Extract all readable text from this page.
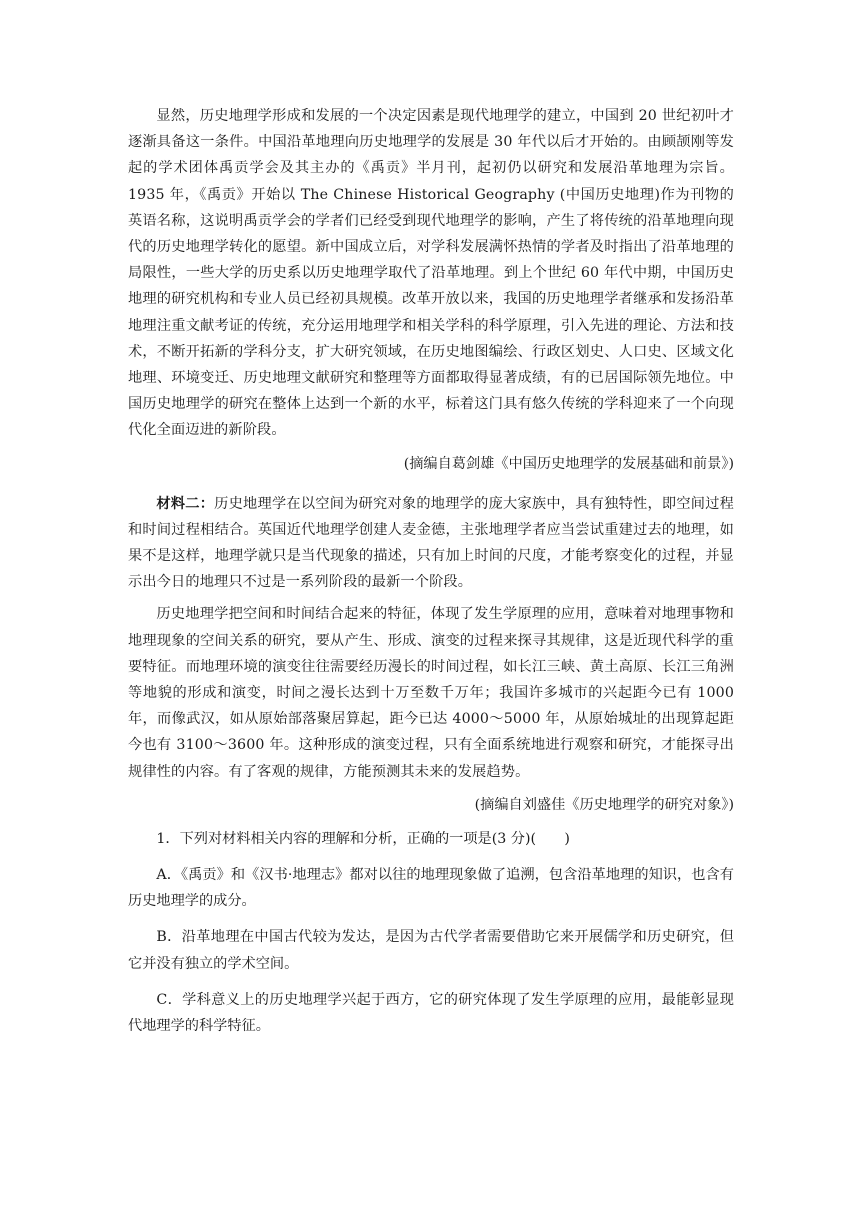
显然，历史地理学形成和发展的一个决定因素是现代地理学的建立，中国到 20 世纪初叶才逐渐具备这一条件。中国沿革地理向历史地理学的发展是 30 年代以后才开始的。由顾颉刚等发起的学术团体禹贡学会及其主办的《禹贡》半月刊，起初仍以研究和发展沿革地理为宗旨。1935 年，《禹贡》开始以 The Chinese Historical Geography (中国历史地理)作为刊物的英语名称，这说明禹贡学会的学者们已经受到现代地理学的影响，产生了将传统的沿革地理向现代的历史地理学转化的愿望。新中国成立后，对学科发展满怀热情的学者及时指出了沿革地理的局限性，一些大学的历史系以历史地理学取代了沿革地理。到上个世纪 60 年代中期，中国历史地理的研究机构和专业人员已经初具规模。改革开放以来，我国的历史地理学者继承和发扬沿革地理注重文献考证的传统，充分运用地理学和相关学科的科学原理，引入先进的理论、方法和技术，不断开拓新的学科分支，扩大研究领域，在历史地图编绘、行政区划史、人口史、区域文化地理、环境变迁、历史地理文献研究和整理等方面都取得显著成绩，有的已居国际领先地位。中国历史地理学的研究在整体上达到一个新的水平，标着这门具有悠久传统的学科迎来了一个向现代化全面迈进的新阶段。

(摘编自葛剑雄《中国历史地理学的发展基础和前景》)

材料二：历史地理学在以空间为研究对象的地理学的庞大家族中，具有独特性，即空间过程和时间过程相结合。英国近代地理学创建人麦金德，主张地理学者应当尝试重建过去的地理，如果不是这样，地理学就只是当代现象的描述，只有加上时间的尺度，才能考察变化的过程，并显示出今日的地理只不过是一系列阶段的最新一个阶段。

历史地理学把空间和时间结合起来的特征，体现了发生学原理的应用，意味着对地理事物和地理现象的空间关系的研究，要从产生、形成、演变的过程来探寻其规律，这是近现代科学的重要特征。而地理环境的演变往往需要经历漫长的时间过程，如长江三峡、黄土高原、长江三角洲等地貌的形成和演变，时间之漫长达到十万至数千万年；我国许多城市的兴起距今已有 1000 年，而像武汉，如从原始部落聚居算起，距今已达 4000～5000 年，从原始城址的出现算起距今也有 3100～3600 年。这种形成的演变过程，只有全面系统地进行观察和研究，才能探寻出规律性的内容。有了客观的规律，方能预测其未来的发展趋势。

(摘编自刘盛佳《历史地理学的研究对象》)

1．下列对材料相关内容的理解和分析，正确的一项是(3 分)(　　)

A．《禹贡》和《汉书·地理志》都对以往的地理现象做了追溯，包含沿革地理的知识，也含有历史地理学的成分。

B．沿革地理在中国古代较为发达，是因为古代学者需要借助它来开展儒学和历史研究，但它并没有独立的学术空间。

C．学科意义上的历史地理学兴起于西方，它的研究体现了发生学原理的应用，最能彰显现代地理学的科学特征。
